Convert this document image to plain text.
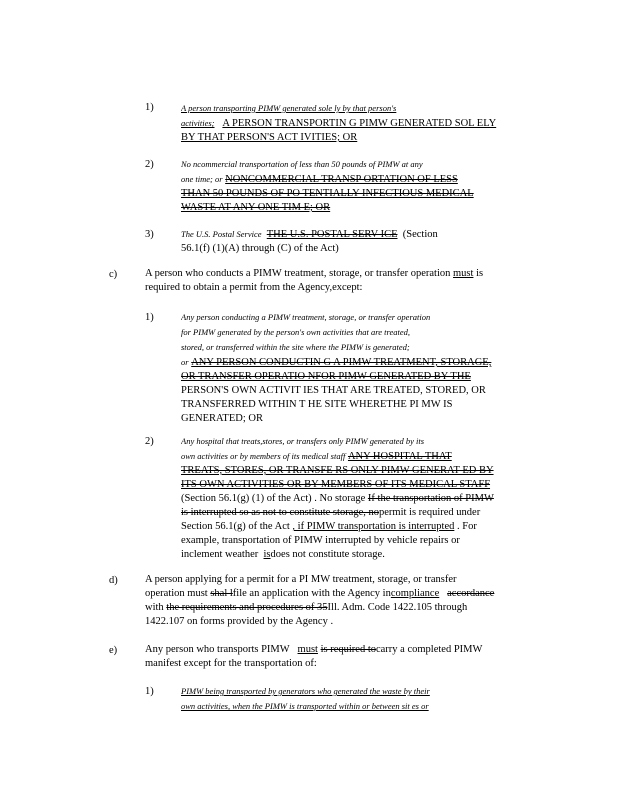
1)	A person transporting PIMW generated sole ly by that person's
activities; A PERSON TRANSPORTIN G PIMW GENERATED SOL ELY
BY THAT PERSON'S ACT IVITIES; OR
2)	No ncommercial transportation of less than 50 pounds of PIMW at any
one time; or NONCOMMERCIAL TRANSP ORTATION OF LESS
THAN 50 POUNDS OF PO TENTIALLY INFECTIOUS MEDICAL
WASTE AT ANY ONE TIM E; OR
3)	The U.S. Postal Service THE U.S. POSTAL SERV ICE (Section
56.1(f) (1)(A) through (C) of the Act)
c)	A person who conducts a PIMW treatment, storage, or transfer operation must is
required to obtain a permit from the Agency,except:
1)	Any person conducting a PIMW treatment, storage, or transfer operation
for PIMW generated by the person's own activities that are treated,
stored, or transferred within the site where the PIMW is generated;
or ANY PERSON CONDUCTIN G A PIMW TREATMENT, STORAGE,
OR TRANSFER OPERATIO NFOR PIMW GENERATED BY THE
PERSON'S OWN ACTIVIT IES THAT ARE TREATED, STORED, OR
TRANSFERRED WITHIN T HE SITE WHERETHE PI MW IS
GENERATED; OR
2)	Any hospital that treats,stores, or transfers only PIMW generated by its
own activities or by members of its medical staff ANY HOSPITAL THAT
TREATS, STORES, OR TRANSFE RS ONLY PIMW GENERAT ED BY
ITS OWN ACTIVITIES OR BY MEMBERS OF ITS MEDICAL STAFF
(Section 56.1(g) (1) of the Act) . No storage If the transportation of PIMW
is interrupted so as not to constitute storage, nopermit is required under
Section 56.1(g) of the Act , if PIMW transportation is interrupted . For
example, transportation of PIMW interrupted by vehicle repairs or
inclement weather isdoes not constitute storage.
d)	A person applying for a permit for a PI MW treatment, storage, or transfer
operation must shal lfile an application with the Agency incompliance accordance
with the requirements and procedures of 35Ill. Adm. Code 1422.105 through
1422.107 on forms provided by the Agency .
e)	Any person who transports PIMW must is required tocarry a completed PIMW
manifest except for the transportation of:
1)	PIMW being transported by generators who generated the waste by their
own activities, when the PIMW is transported within or between sit es or
